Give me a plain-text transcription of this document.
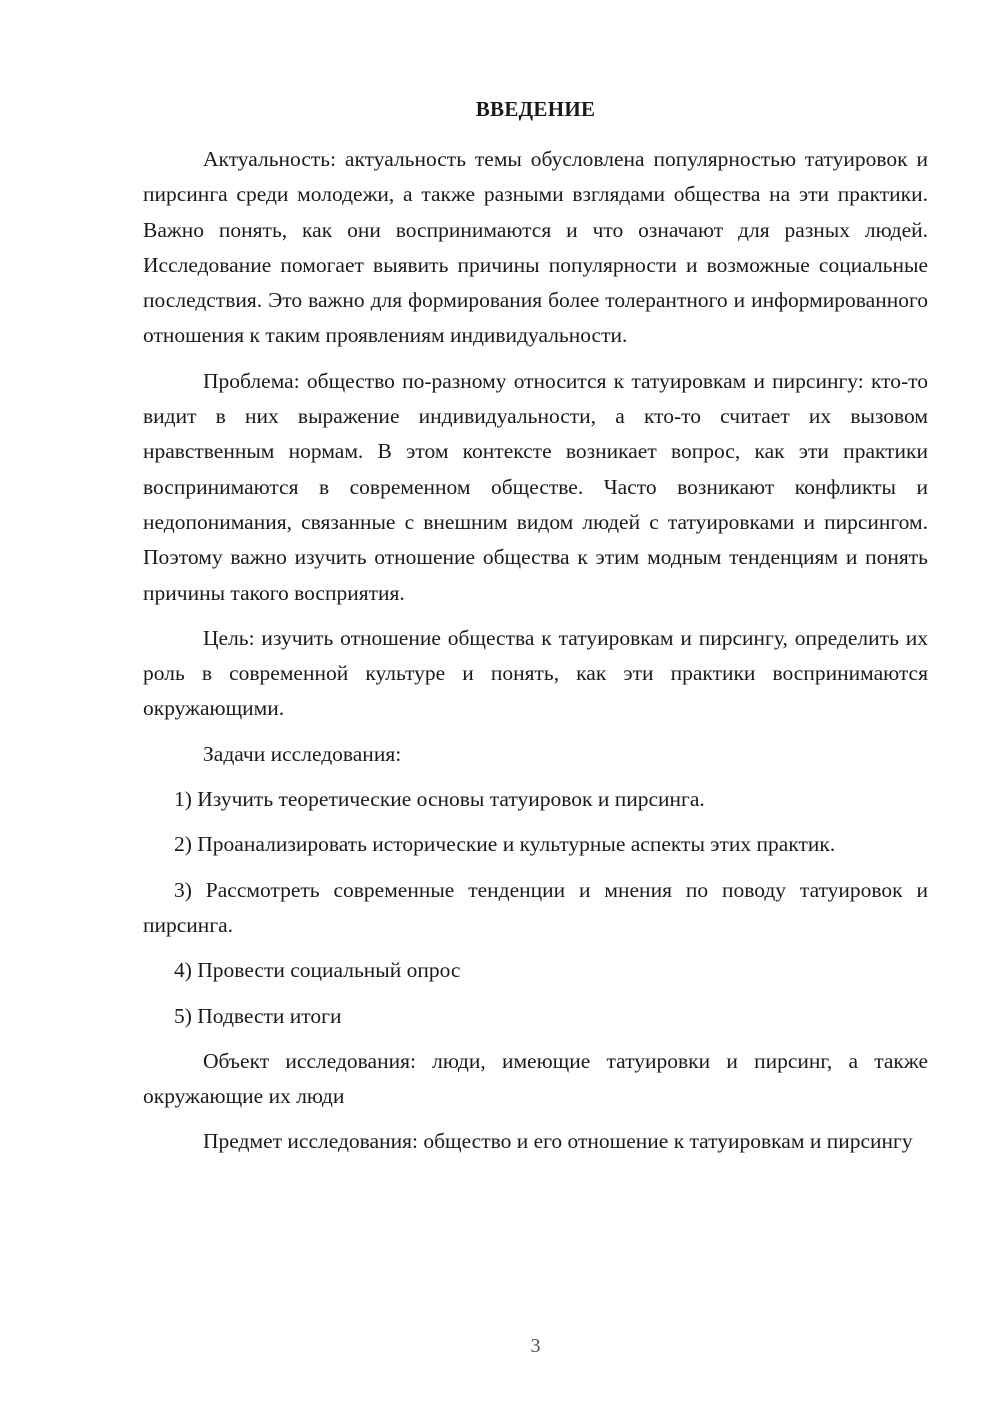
ВВЕДЕНИЕ

Актуальность: актуальность темы обусловлена популярностью татуировок и пирсинга среди молодежи, а также разными взглядами общества на эти практики. Важно понять, как они воспринимаются и что означают для разных людей. Исследование помогает выявить причины популярности и возможные социальные последствия. Это важно для формирования более толерантного и информированного отношения к таким проявлениям индивидуальности.

Проблема: общество по-разному относится к татуировкам и пирсингу: кто-то видит в них выражение индивидуальности, а кто-то считает их вызовом нравственным нормам. В этом контексте возникает вопрос, как эти практики воспринимаются в современном обществе. Часто возникают конфликты и недопонимания, связанные с внешним видом людей с татуировками и пирсингом. Поэтому важно изучить отношение общества к этим модным тенденциям и понять причины такого восприятия.

Цель: изучить отношение общества к татуировкам и пирсингу, определить их роль в современной культуре и понять, как эти практики воспринимаются окружающими.

Задачи исследования:

1) Изучить теоретические основы татуировок и пирсинга.

2) Проанализировать исторические и культурные аспекты этих практик.

3) Рассмотреть современные тенденции и мнения по поводу татуировок и пирсинга.

4) Провести социальный опрос

5) Подвести итоги

Объект исследования: люди, имеющие татуировки и пирсинг, а также окружающие их люди

Предмет исследования: общество и его отношение к татуировкам и пирсингу

3
